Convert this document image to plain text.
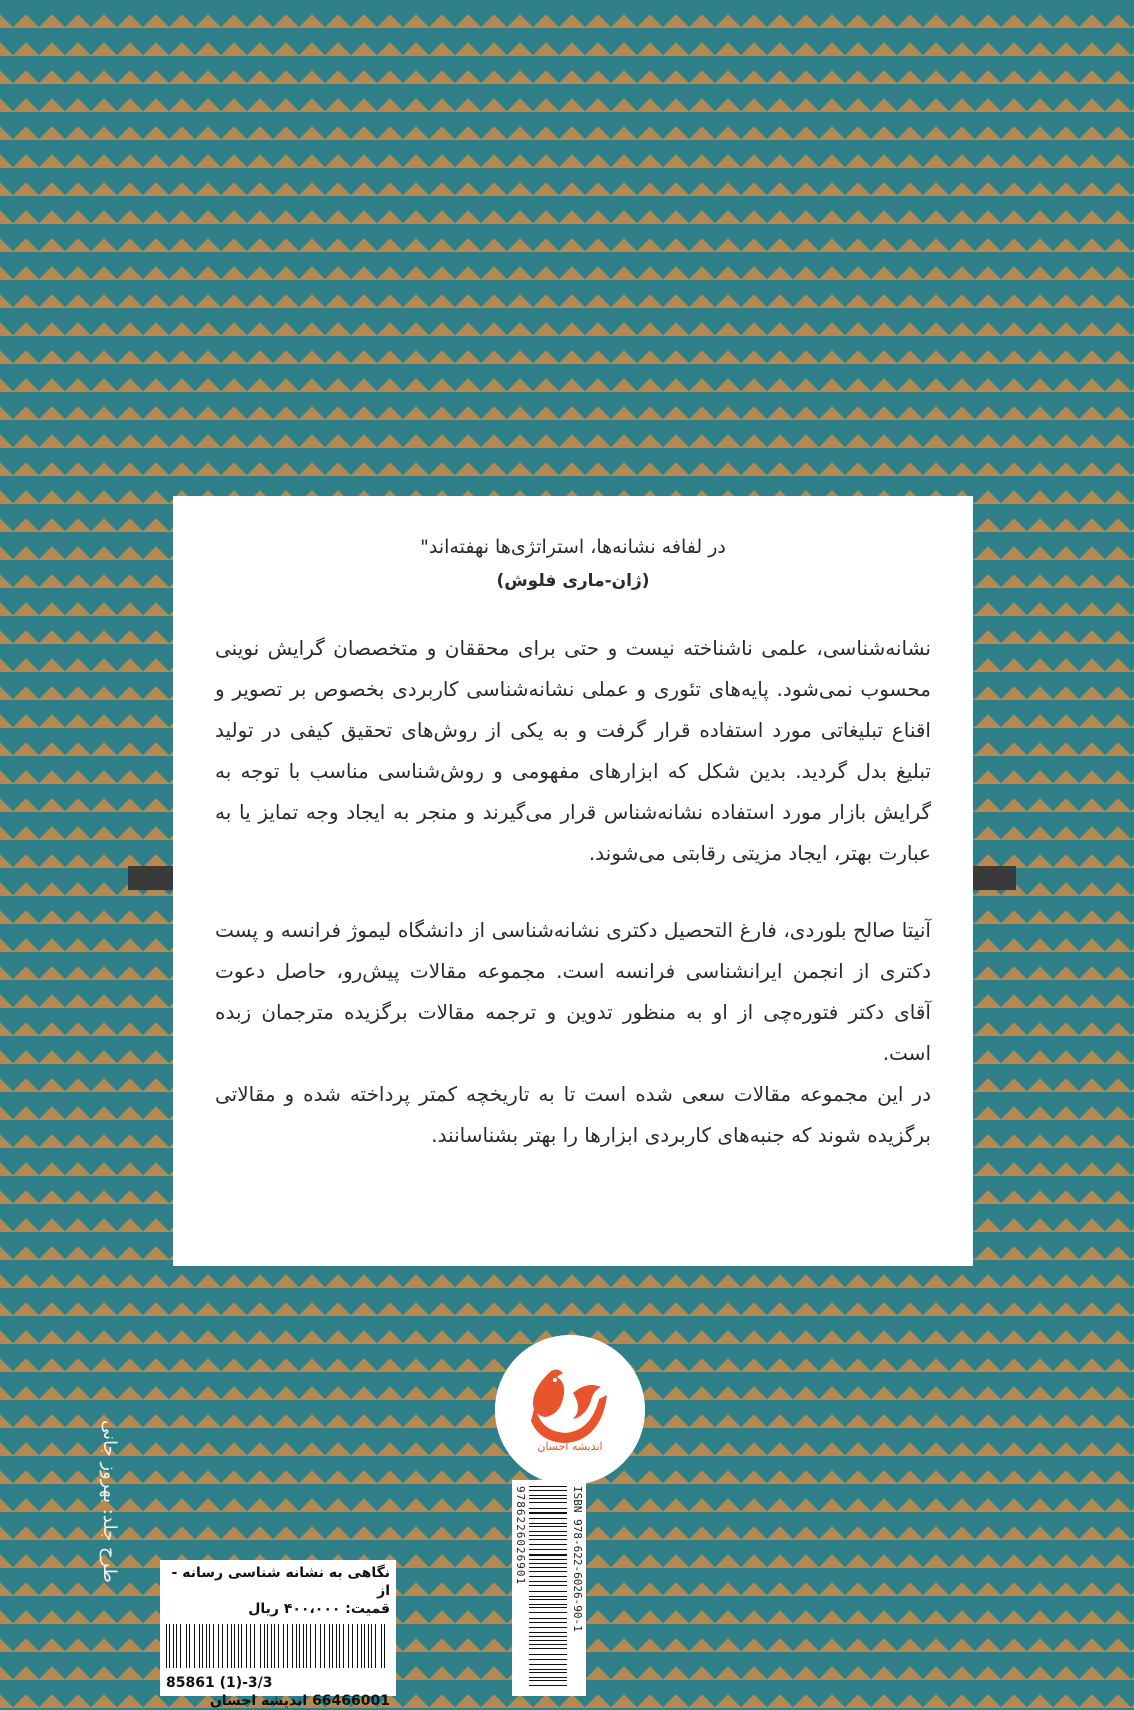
در لفافه نشانه‌ها، استراتژی‌ها نهفته‌اند"
(ژان-ماری فلوش)

نشانه‌شناسی، علمی ناشناخته نیست و حتی برای محققان و متخصصان گرایش نوینی محسوب نمی‌شود. پایه‌های تئوری و عملی نشانه‌شناسی کاربردی بخصوص بر تصویر و اقناع تبلیغاتی مورد استفاده قرار گرفت و به یکی از روش‌های تحقیق کیفی در تولید تبلیغ بدل گردید. بدین شکل که ابزارهای مفهومی و روش‌شناسی مناسب با توجه به گرایش بازار مورد استفاده نشانه‌شناس قرار می‌گیرند و منجر به ایجاد وجه تمایز یا به عبارت بهتر، ایجاد مزیتی رقابتی می‌شوند.

آنیتا صالح بلوردی، فارغ التحصیل دکتری نشانه‌شناسی از دانشگاه لیموژ فرانسه و پست دکتری از انجمن ایرانشناسی فرانسه است. مجموعه مقالات پیش‌رو، حاصل دعوت آقای دکتر فتوره‌چی از او به منظور تدوین و ترجمه مقالات برگزیده مترجمان زبده است.

در این مجموعه مقالات سعی شده است تا به تاریخچه کمتر پرداخته شده و مقالاتی برگزیده شوند که جنبه‌های کاربردی ابزارها را بهتر بشناسانند.

اندیشه احسان
ISBN 978-622-6026-90-1
9786226026901
طرح جلد: بهروز جانی	نگاهی به نشانه شناسی رسانه - از
قمیت: ۴۰۰،۰۰۰ ریال
85861 (1)-3/3
66466001 اندیشه احسان
